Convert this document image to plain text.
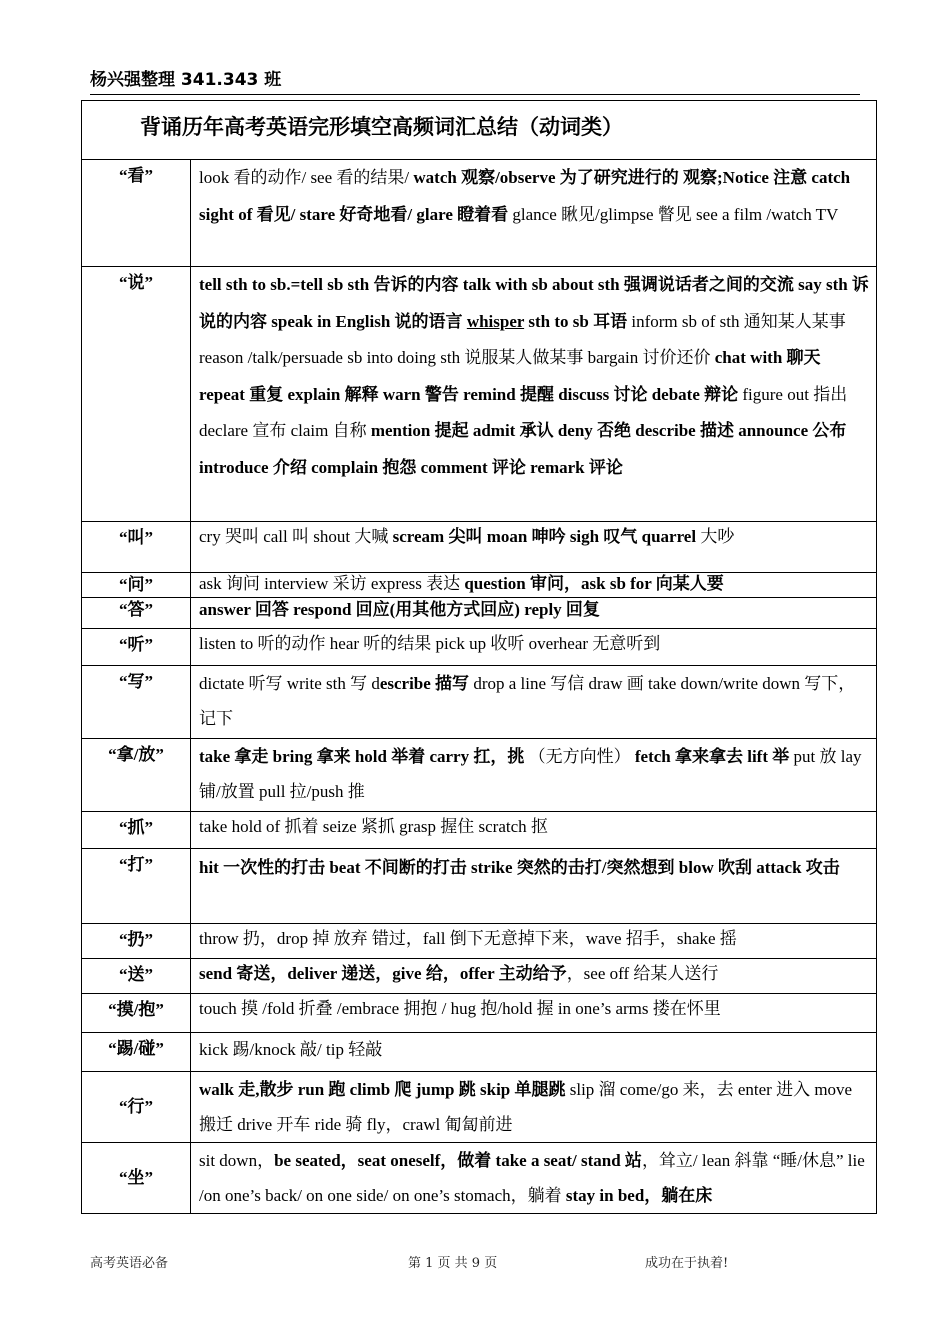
杨兴强整理 341.343 班
背诵历年高考英语完形填空高频词汇总结（动词类）	

“看”	look 看的动作/ see 看的结果/ watch 观察/observe 为了研究进行的 观察;Notice 注意 catch sight of 看见/ stare 好奇地看/ glare 瞪着看 glance 瞅见/glimpse 瞥见 see a film /watch TV
“说”	tell sth to sb.=tell sb sth 告诉的内容 talk with sb about sth 强调说话者之间的交流 say sth 诉说的内容 speak in English 说的语言 whisper sth to sb 耳语 inform sb of sth 通知某人某事 reason /talk/persuade sb into doing sth 说服某人做某事 bargain 讨价还价 chat with 聊天 repeat 重复 explain 解释 warn 警告 remind 提醒 discuss 讨论 debate 辩论 figure out 指出 declare 宣布 claim 自称 mention 提起 admit 承认 deny 否绝 describe 描述 announce 公布 introduce 介绍 complain 抱怨 comment 评论 remark 评论
“叫”	cry 哭叫 call 叫 shout 大喊 scream 尖叫 moan 呻吟 sigh 叹气 quarrel 大吵
“问”	ask 询问 interview 采访 express 表达 question 审问，ask sb for 向某人要
“答”	answer 回答 respond 回应(用其他方式回应) reply 回复
“听”	listen to 听的动作 hear 听的结果 pick up 收听 overhear 无意听到
“写”	dictate 听写 write sth 写 describe 描写 drop a line 写信 draw 画 take down/write down 写下，记下
“拿/放”	take 拿走 bring 拿来 hold 举着 carry 扛，挑 （无方向性） fetch 拿来拿去 lift 举 put 放 lay 铺/放置 pull 拉/push 推
“抓”	take hold of 抓着 seize 紧抓 grasp 握住 scratch 抠
“打”	hit 一次性的打击 beat 不间断的打击 strike 突然的击打/突然想到 blow 吹刮 attack 攻击
“扔”	throw 扔，drop 掉 放弃 错过，fall 倒下无意掉下来，wave 招手，shake 摇
“送”	send 寄送，deliver 递送，give 给，offer 主动给予，see off 给某人送行
“摸/抱”	touch 摸 /fold 折叠 /embrace 拥抱 / hug 抱/hold 握 in one’s arms 搂在怀里
“踢/碰”	kick 踢/knock 敲/ tip 轻敲
“行”	walk 走,散步 run 跑 climb 爬 jump 跳 skip 单腿跳 slip 溜 come/go 来，去 enter 进入 move 搬迁 drive 开车 ride 骑 fly，crawl 匍匐前进
“坐”	sit down，be seated，seat oneself，做着 take a seat/ stand 站，耸立/ lean 斜靠 “睡/休息” lie /on one’s back/ on one side/ on one’s stomach，躺着 stay in bed，躺在床
高考英语必备	第 1 页 共 9 页	成功在于执着!
